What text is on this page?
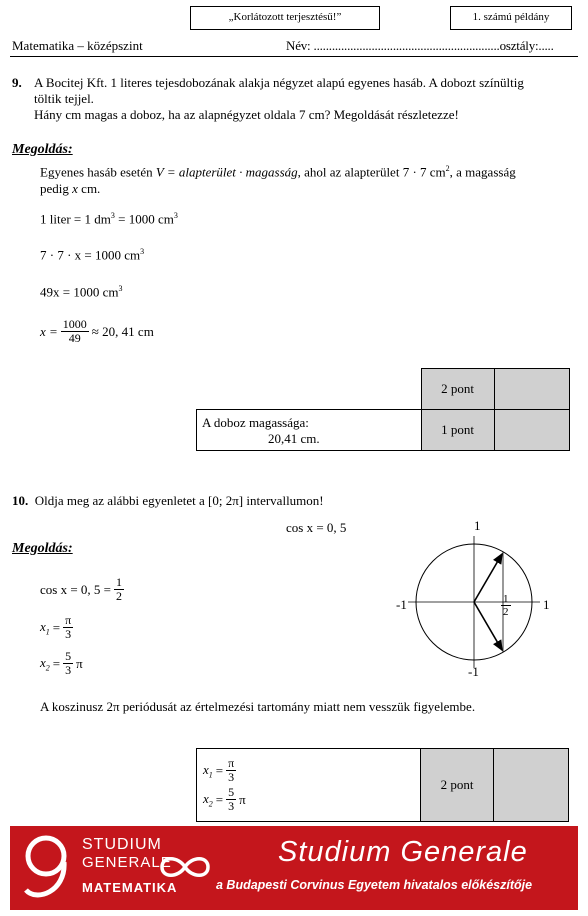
„Korlátozott terjesztésű!”	1. számú példány
Matematika – középszint	Név: .............................................................osztály:.....
9. A Bocitej Kft. 1 literes tejesdobozának alakja négyzet alapú egyenes hasáb. A dobozt színültig
töltik tejjel.
Hány cm magas a doboz, ha az alapnégyzet oldala 7 cm? Megoldását részletezze!
Megoldás:
Egyenes hasáb esetén V = alapterület · magasság, ahol az alapterület 7 · 7 $cm^2$, a magasság
pedig x cm.
1 liter = 1 $dm^3 = 1000$ $cm^3$
7 · 7 · x = 1000 $cm^3$
49x = 1000 $cm^3$
$x = \frac{1000}{49} \approx 20$, 41 cm
	2 pont	

A doboz magassága:
20,41 cm.	1 pont	
10. Oldja meg az alábbi egyenletet a [0; 2π] intervallumon!
cos x = 0, 5
Megoldás:
cos x = 0, $5 = \frac{1}{2}$
$x_1 = \frac{\pi}{3}$
$x_2 = \frac{5}{3}$ π
1
-1
-1	1
$\frac{1}{2}$
A koszinusz 2π periódusát az értelmezési tartomány miatt nem vesszük figyelembe.
$x_1 = \frac{\pi}{3}$
$x_2 = \frac{5}{3}$ π
	2 pont	
STUDIUM
GENERALE
MATEMATIKA
Studium Generale
a Budapesti Corvinus Egyetem hivatalos előkészítője
